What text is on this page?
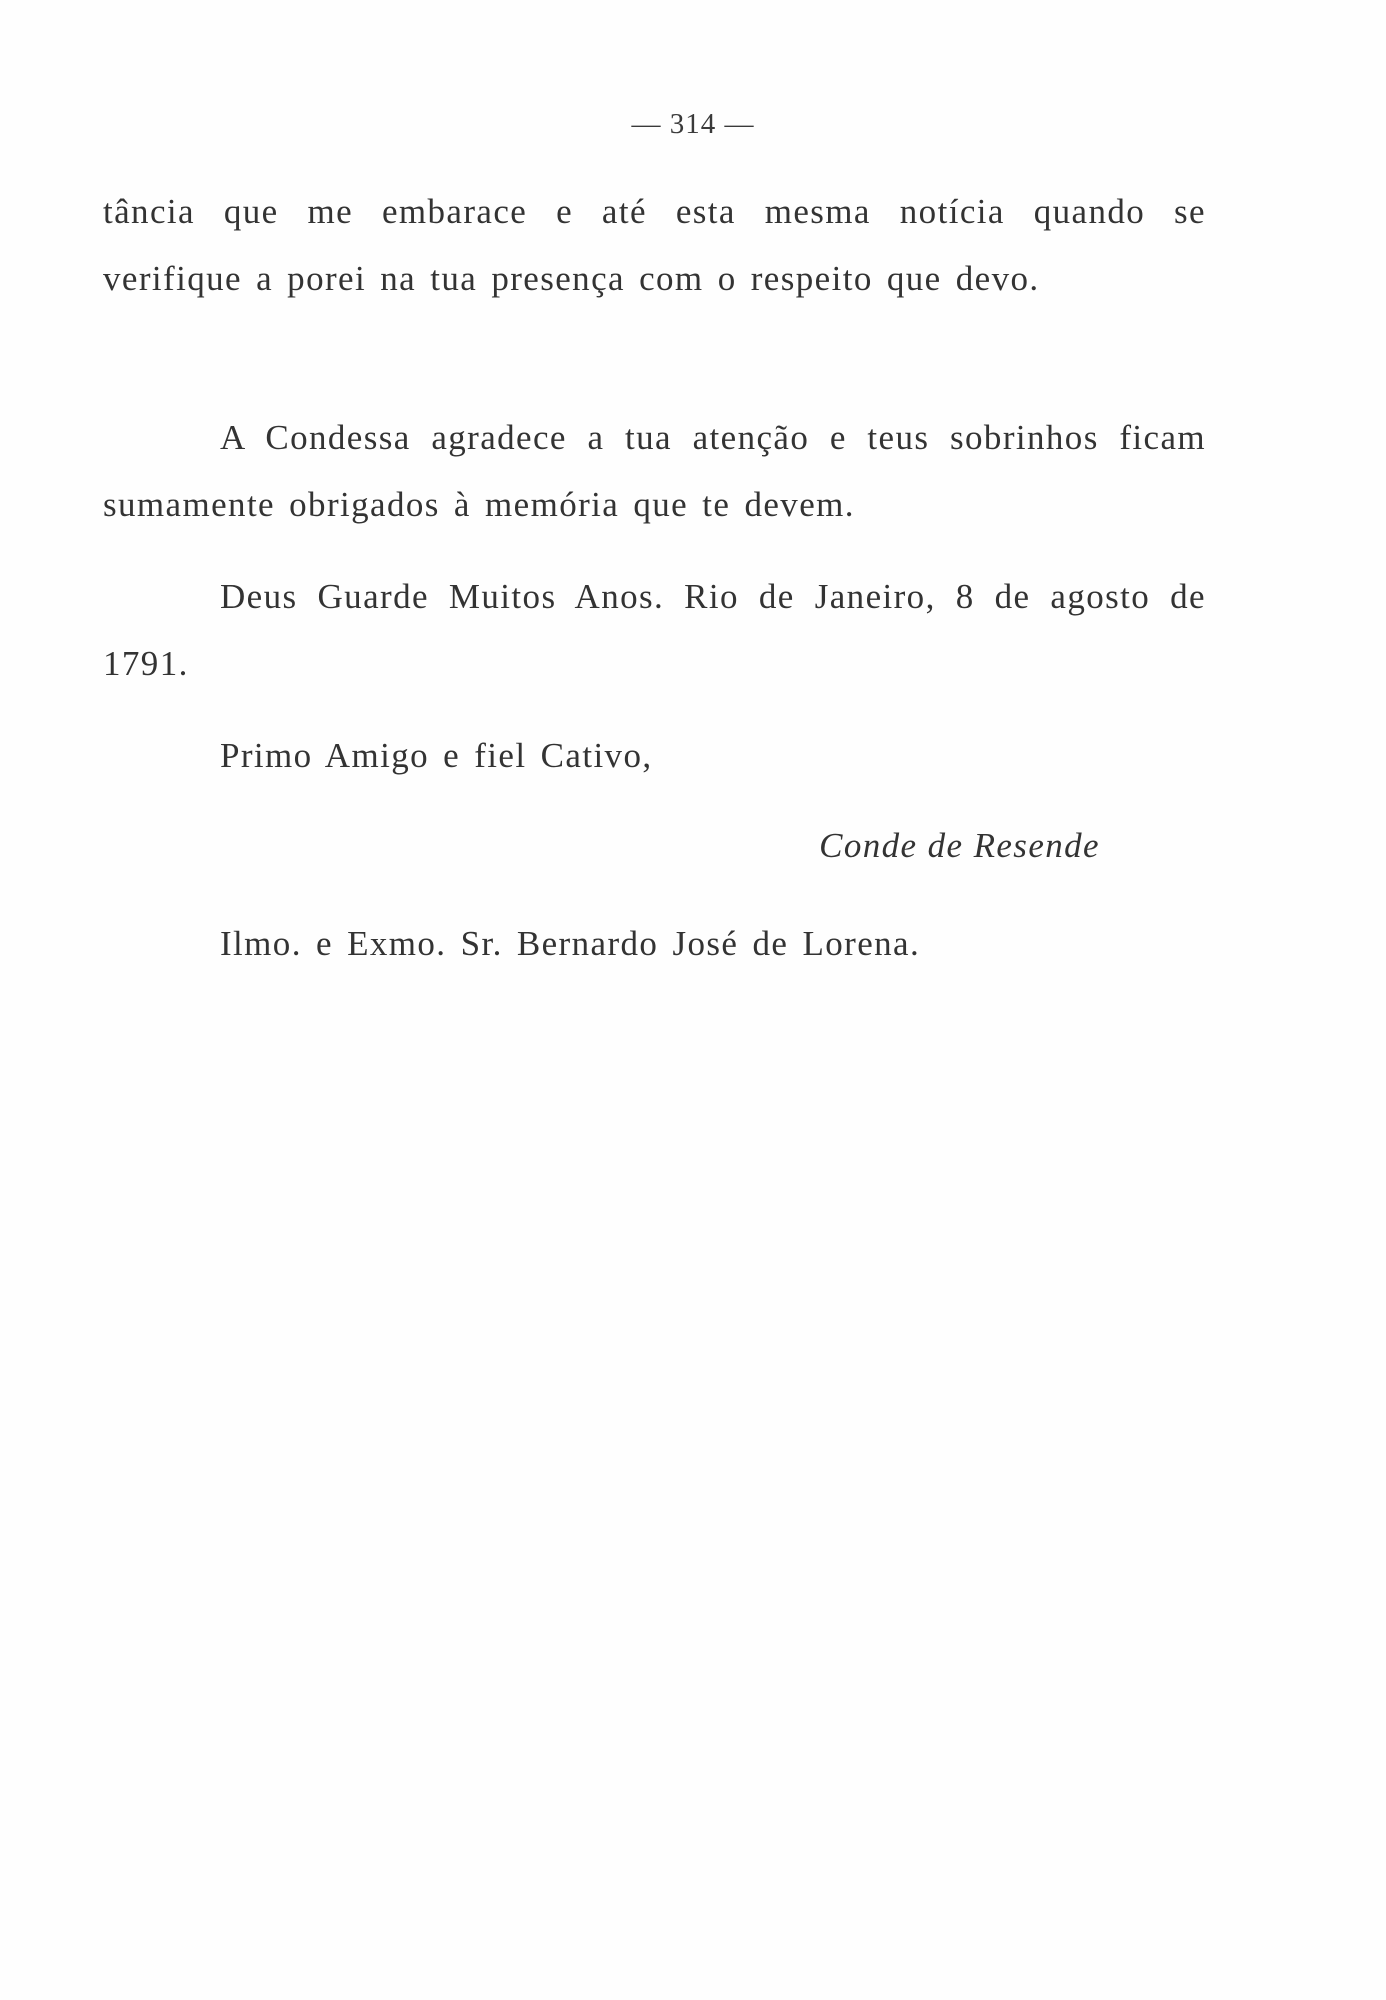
— 314 —

tância que me embarace e até esta mesma notícia quando se verifique a porei na tua presença com o respeito que devo.

A Condessa agradece a tua atenção e teus sobrinhos ficam sumamente obrigados à memória que te devem.

Deus Guarde Muitos Anos. Rio de Janeiro, 8 de agosto de 1791.

Primo Amigo e fiel Cativo,

Conde de Resende
Ilmo. e Exmo. Sr. Bernardo José de Lorena.
